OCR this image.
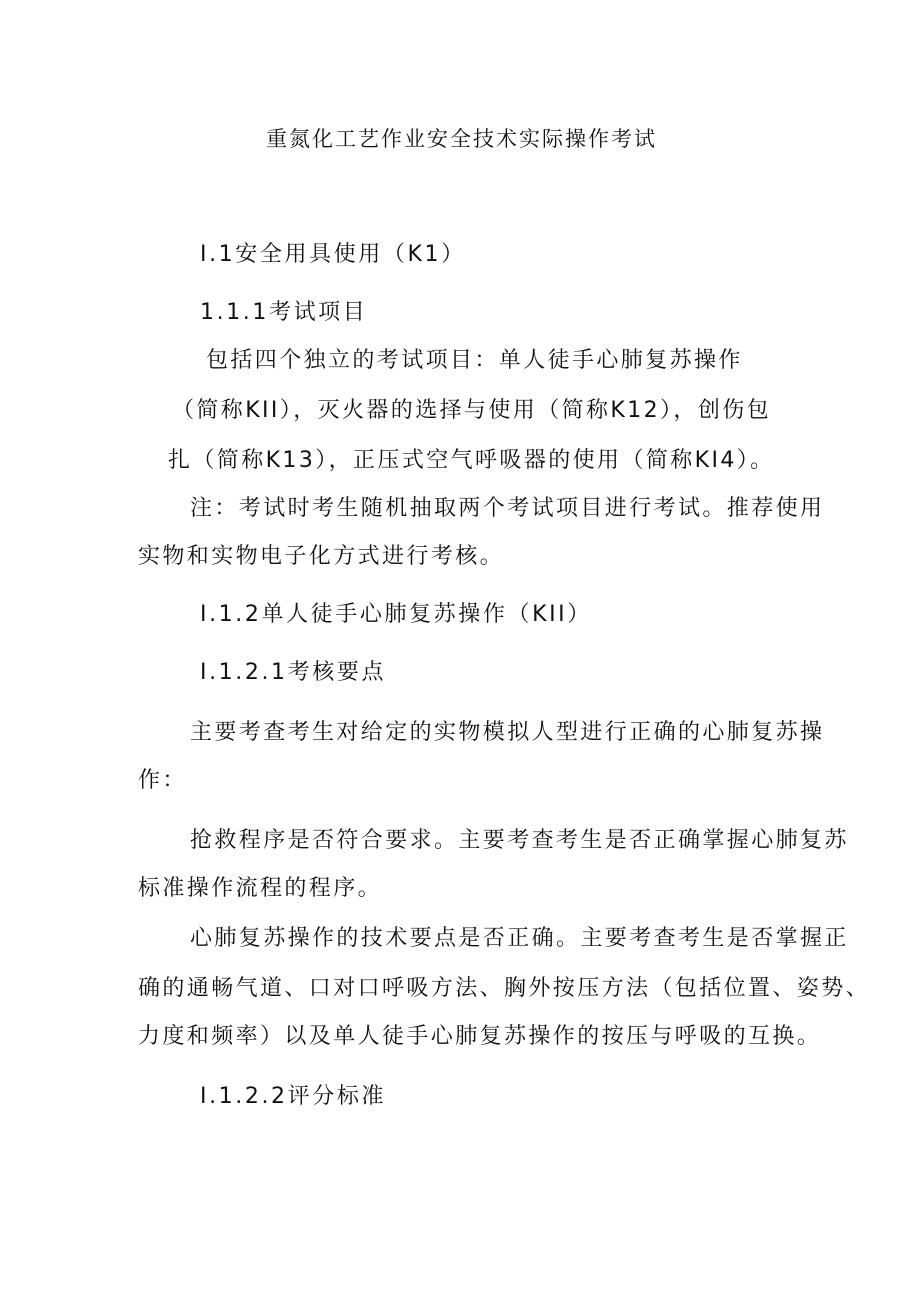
重氮化工艺作业安全技术实际操作考试

I.1安全用具使用（K1）

1.1.1考试项目

包括四个独立的考试项目：单人徒手心肺复苏操作

（简称KII），灭火器的选择与使用（简称K12），创伤包

扎（简称K13），正压式空气呼吸器的使用（简称KI4）。

注：考试时考生随机抽取两个考试项目进行考试。推荐使用

实物和实物电子化方式进行考核。

I.1.2单人徒手心肺复苏操作（KII）

I.1.2.1考核要点

主要考查考生对给定的实物模拟人型进行正确的心肺复苏操

作：

抢救程序是否符合要求。主要考查考生是否正确掌握心肺复苏

标准操作流程的程序。

心肺复苏操作的技术要点是否正确。主要考查考生是否掌握正

确的通畅气道、口对口呼吸方法、胸外按压方法（包括位置、姿势、

力度和频率）以及单人徒手心肺复苏操作的按压与呼吸的互换。

I.1.2.2评分标准
